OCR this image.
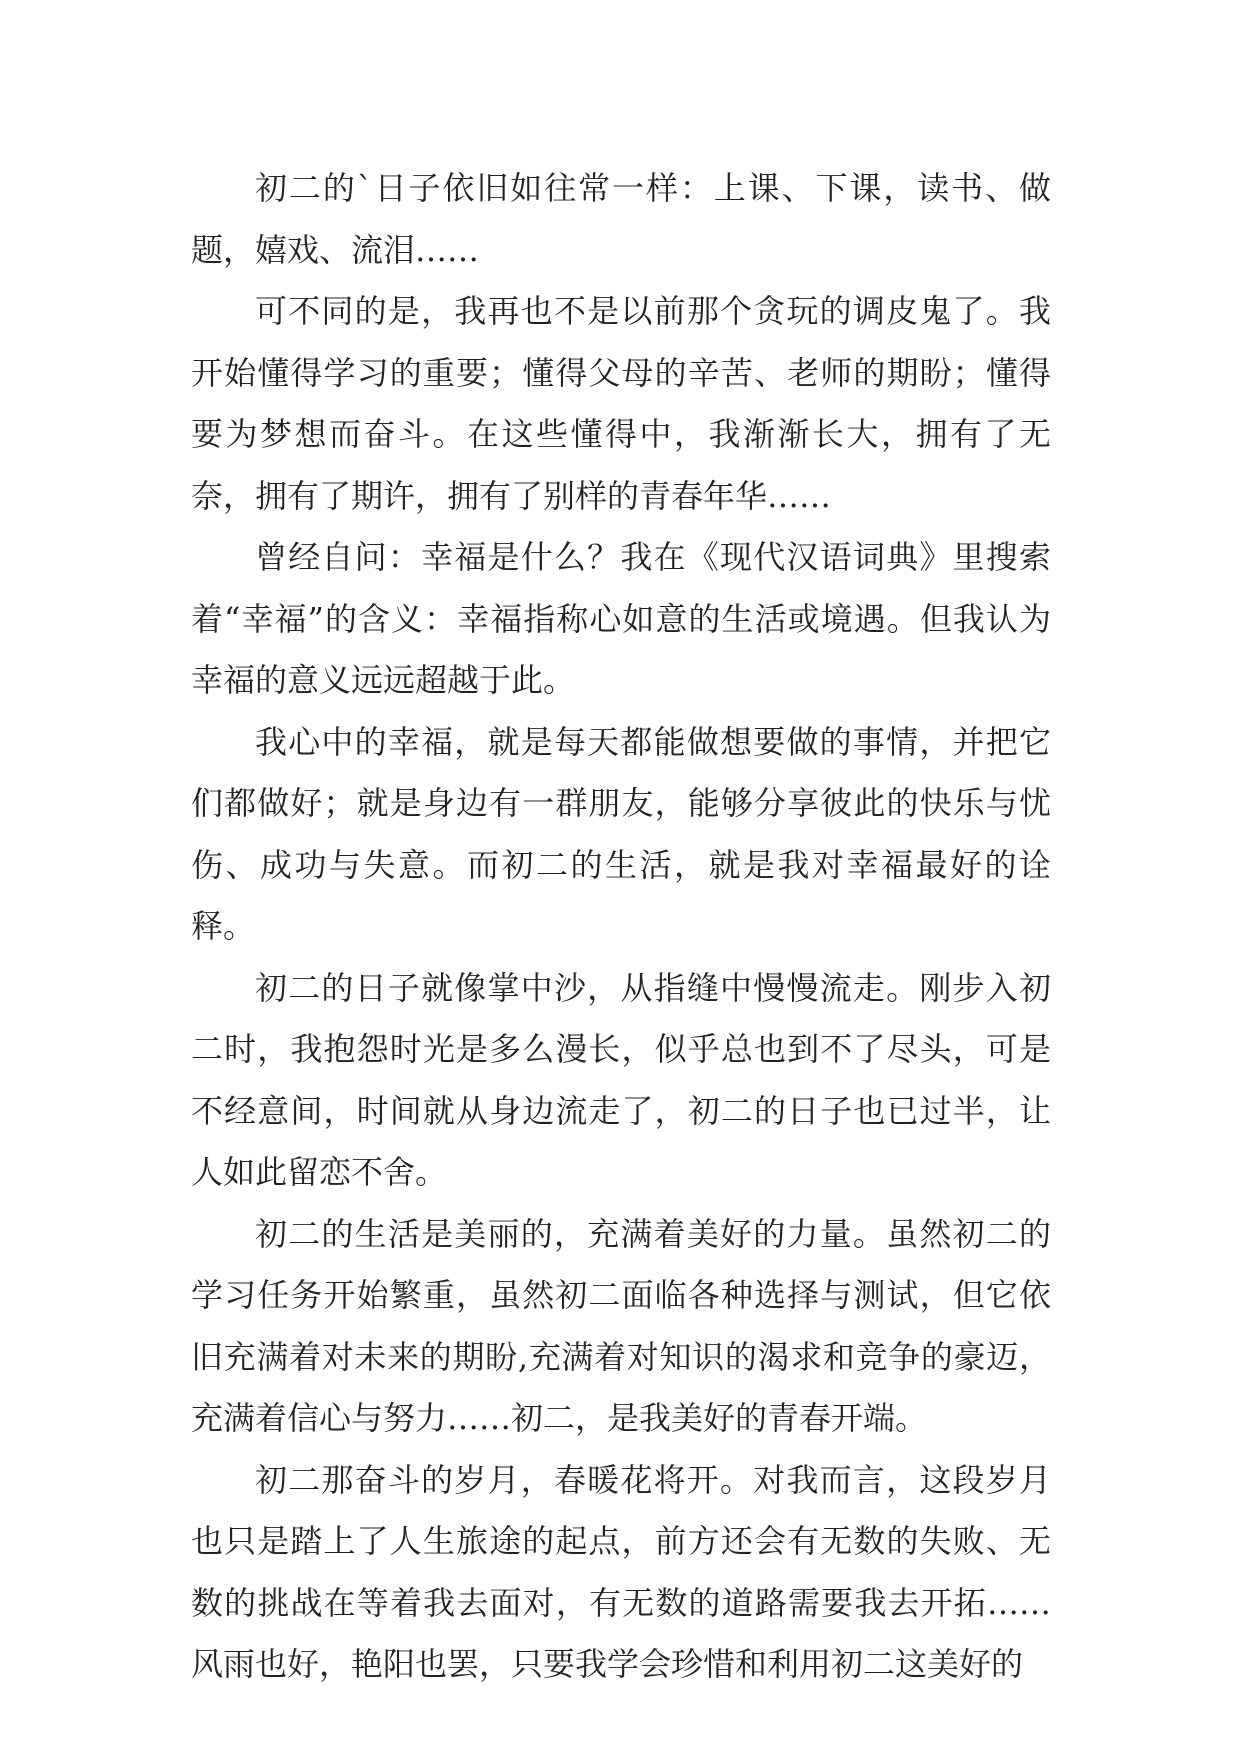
初二的`日子依旧如往常一样：上课、下课，读书、做题，嬉戏、流泪……

可不同的是，我再也不是以前那个贪玩的调皮鬼了。我开始懂得学习的重要；懂得父母的辛苦、老师的期盼；懂得要为梦想而奋斗。在这些懂得中，我渐渐长大，拥有了无奈，拥有了期许，拥有了别样的青春年华……

曾经自问：幸福是什么？我在《现代汉语词典》里搜索着“幸福”的含义：幸福指称心如意的生活或境遇。但我认为幸福的意义远远超越于此。

我心中的幸福，就是每天都能做想要做的事情，并把它们都做好；就是身边有一群朋友，能够分享彼此的快乐与忧伤、成功与失意。而初二的生活，就是我对幸福最好的诠释。

初二的日子就像掌中沙，从指缝中慢慢流走。刚步入初二时，我抱怨时光是多么漫长，似乎总也到不了尽头，可是不经意间，时间就从身边流走了，初二的日子也已过半，让人如此留恋不舍。

初二的生活是美丽的，充满着美好的力量。虽然初二的学习任务开始繁重，虽然初二面临各种选择与测试，但它依旧充满着对未来的期盼,充满着对知识的渴求和竞争的豪迈，充满着信心与努力……初二，是我美好的青春开端。

初二那奋斗的岁月，春暖花将开。对我而言，这段岁月也只是踏上了人生旅途的起点，前方还会有无数的失败、无数的挑战在等着我去面对，有无数的道路需要我去开拓……风雨也好，艳阳也罢，只要我学会珍惜和利用初二这美好的
